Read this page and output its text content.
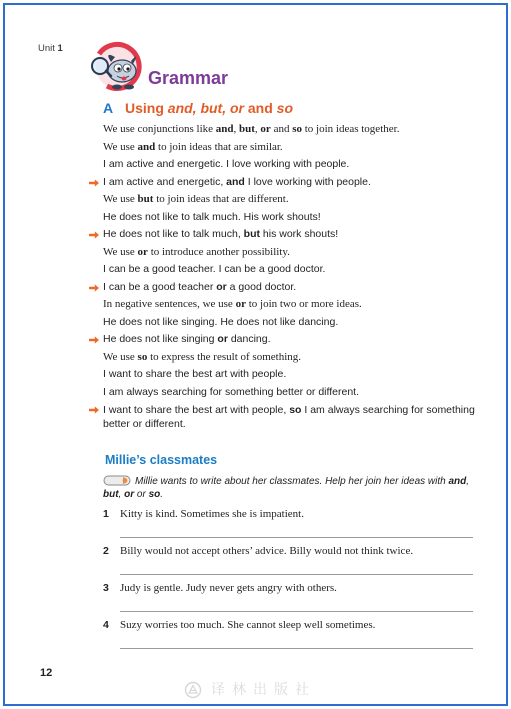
Unit 1
Grammar
A Using and, but, or and so
We use conjunctions like and, but, or and so to join ideas together.
We use and to join ideas that are similar.
I am active and energetic. I love working with people.
I am active and energetic, and I love working with people.
We use but to join ideas that are different.
He does not like to talk much. His work shouts!
He does not like to talk much, but his work shouts!
We use or to introduce another possibility.
I can be a good teacher. I can be a good doctor.
I can be a good teacher or a good doctor.
In negative sentences, we use or to join two or more ideas.
He does not like singing. He does not like dancing.
He does not like singing or dancing.
We use so to express the result of something.
I want to share the best art with people.
I am always searching for something better or different.
I want to share the best art with people, so I am always searching for something better or different.
Millie’s classmates
Millie wants to write about her classmates. Help her join her ideas with and,
but, or or so.
1 Kitty is kind. Sometimes she is impatient.
2 Billy would not accept others’ advice. Billy would not think twice.
3 Judy is gentle. Judy never gets angry with others.
4 Suzy worries too much. She cannot sleep well sometimes.
12
译林出版社
